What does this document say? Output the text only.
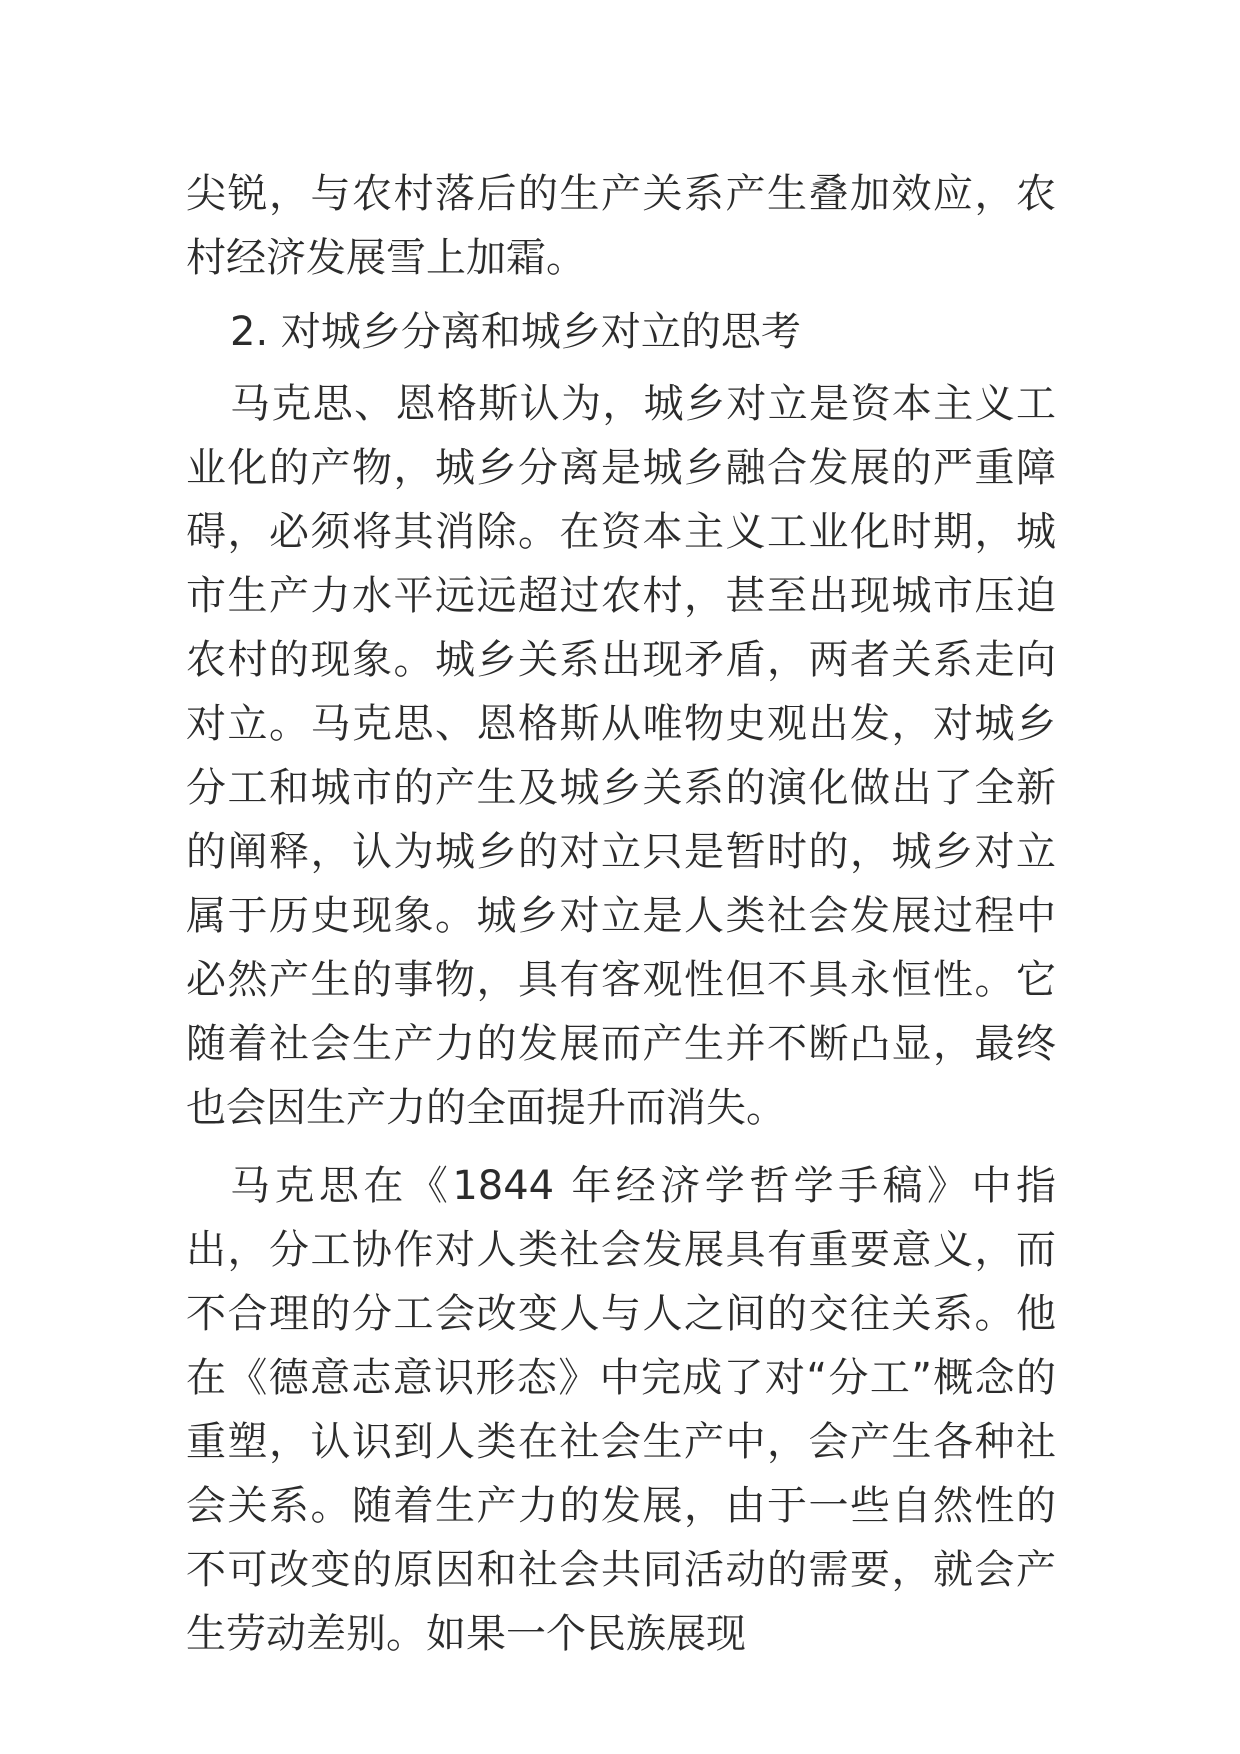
尖锐，与农村落后的生产关系产生叠加效应，农村经济发展雪上加霜。

2. 对城乡分离和城乡对立的思考

马克思、恩格斯认为，城乡对立是资本主义工业化的产物，城乡分离是城乡融合发展的严重障碍，必须将其消除。在资本主义工业化时期，城市生产力水平远远超过农村，甚至出现城市压迫农村的现象。城乡关系出现矛盾，两者关系走向对立。马克思、恩格斯从唯物史观出发，对城乡分工和城市的产生及城乡关系的演化做出了全新的阐释，认为城乡的对立只是暂时的，城乡对立属于历史现象。城乡对立是人类社会发展过程中必然产生的事物，具有客观性但不具永恒性。它随着社会生产力的发展而产生并不断凸显，最终也会因生产力的全面提升而消失。

马克思在《1844 年经济学哲学手稿》中指出，分工协作对人类社会发展具有重要意义，而不合理的分工会改变人与人之间的交往关系。他在《德意志意识形态》中完成了对“分工”概念的重塑，认识到人类在社会生产中，会产生各种社会关系。随着生产力的发展，由于一些自然性的不可改变的原因和社会共同活动的需要，就会产生劳动差别。如果一个民族展现
